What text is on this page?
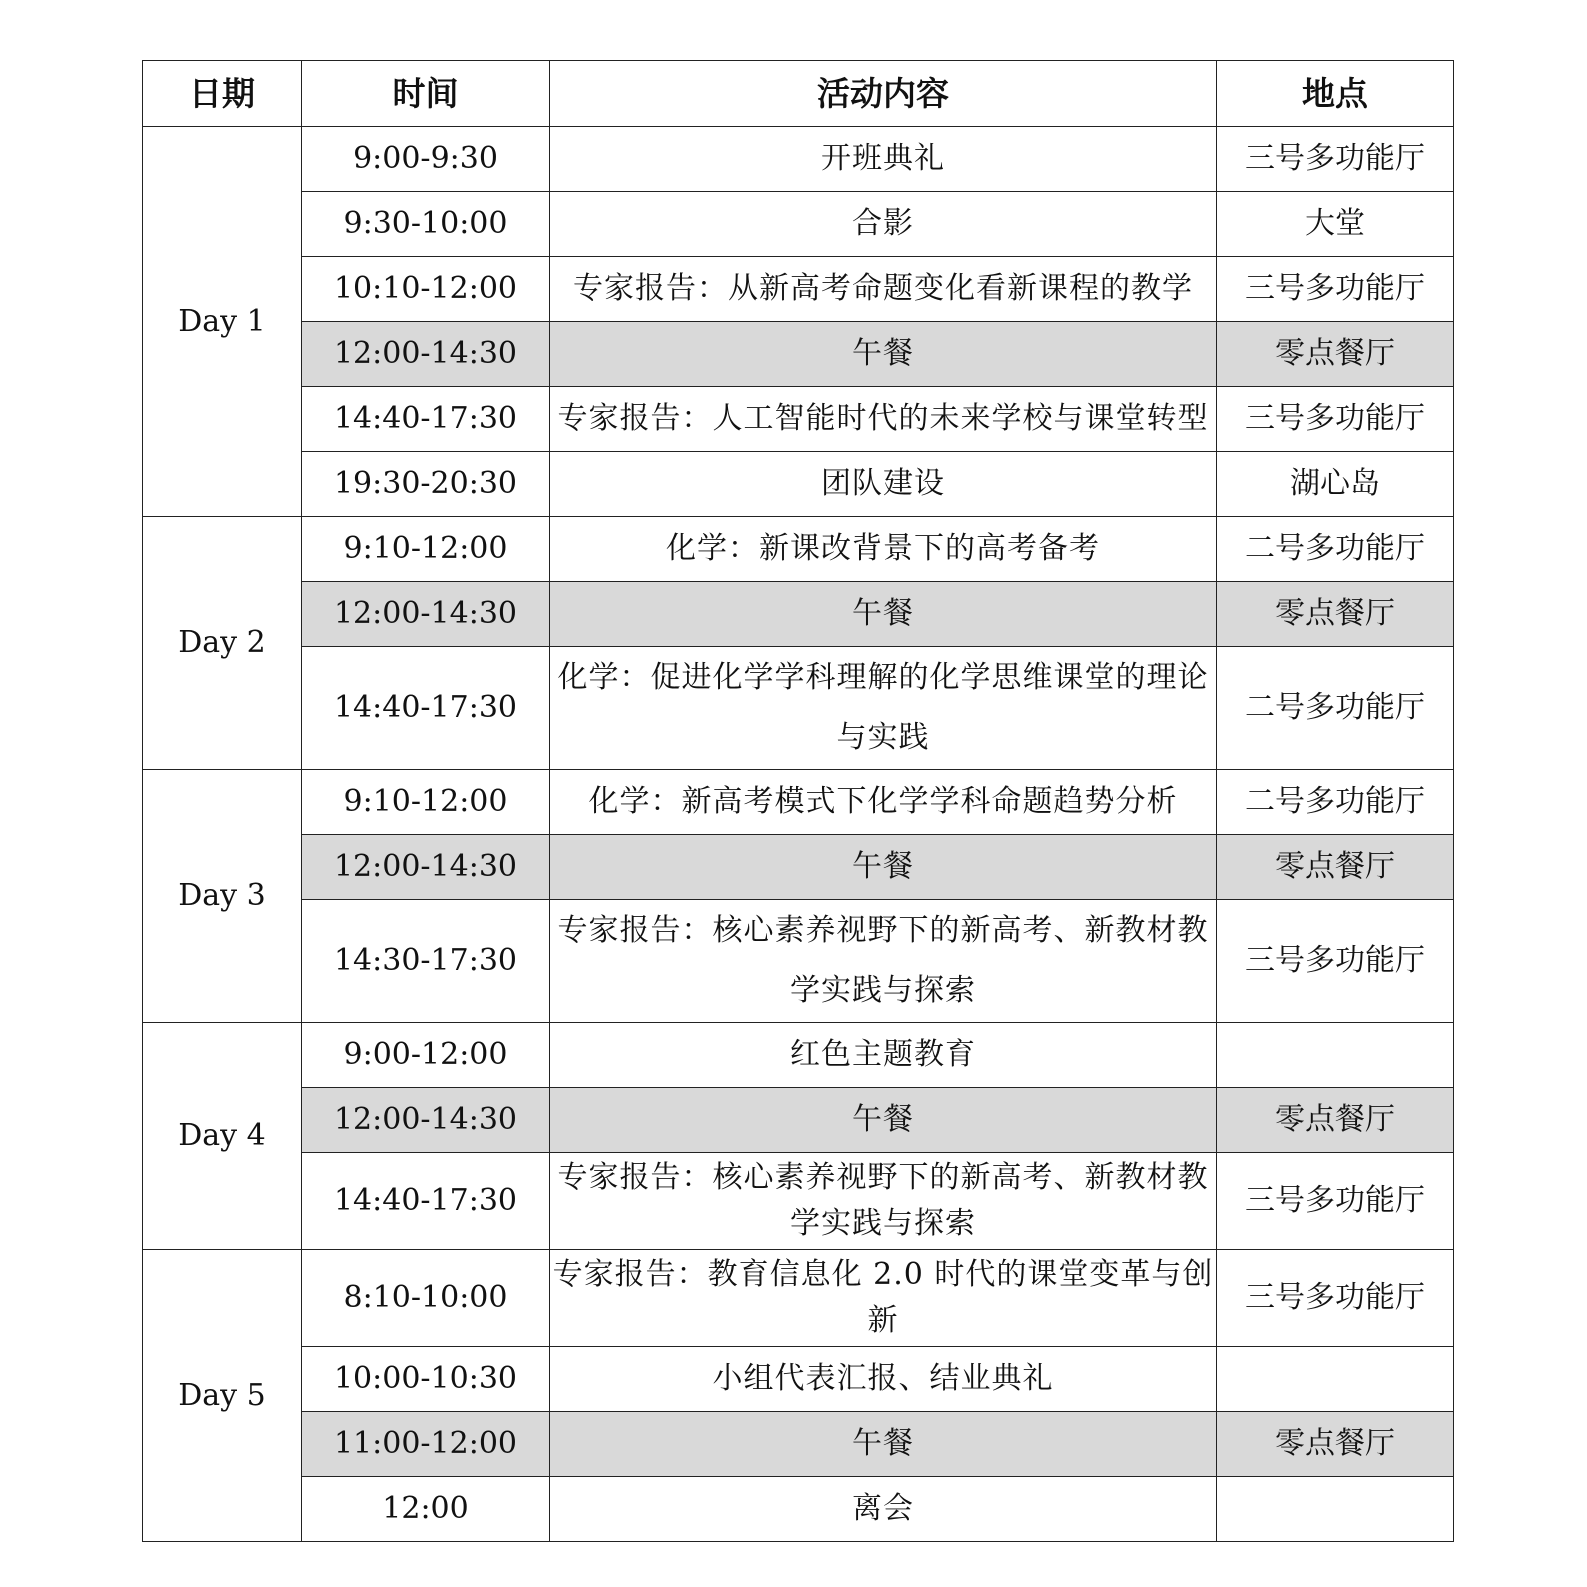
日期	时间	活动内容	地点
Day 1	9:00-9:30	开班典礼	三号多功能厅
	9:30-10:00	合影	大堂
	10:10-12:00	专家报告：从新高考命题变化看新课程的教学	三号多功能厅
	12:00-14:30	午餐	零点餐厅
	14:40-17:30	专家报告：人工智能时代的未来学校与课堂转型	三号多功能厅
	19:30-20:30	团队建设	湖心岛
Day 2	9:10-12:00	化学：新课改背景下的高考备考	二号多功能厅
	12:00-14:30	午餐	零点餐厅
	14:40-17:30	化学：促进化学学科理解的化学思维课堂的理论与实践	二号多功能厅
Day 3	9:10-12:00	化学：新高考模式下化学学科命题趋势分析	二号多功能厅
	12:00-14:30	午餐	零点餐厅
	14:30-17:30	专家报告：核心素养视野下的新高考、新教材教学实践与探索	三号多功能厅
Day 4	9:00-12:00	红色主题教育	
	12:00-14:30	午餐	零点餐厅
	14:40-17:30	专家报告：核心素养视野下的新高考、新教材教学实践与探索	三号多功能厅
Day 5	8:10-10:00	专家报告：教育信息化 2.0 时代的课堂变革与创新	三号多功能厅
	10:00-10:30	小组代表汇报、结业典礼	
	11:00-12:00	午餐	零点餐厅
	12:00	离会	
